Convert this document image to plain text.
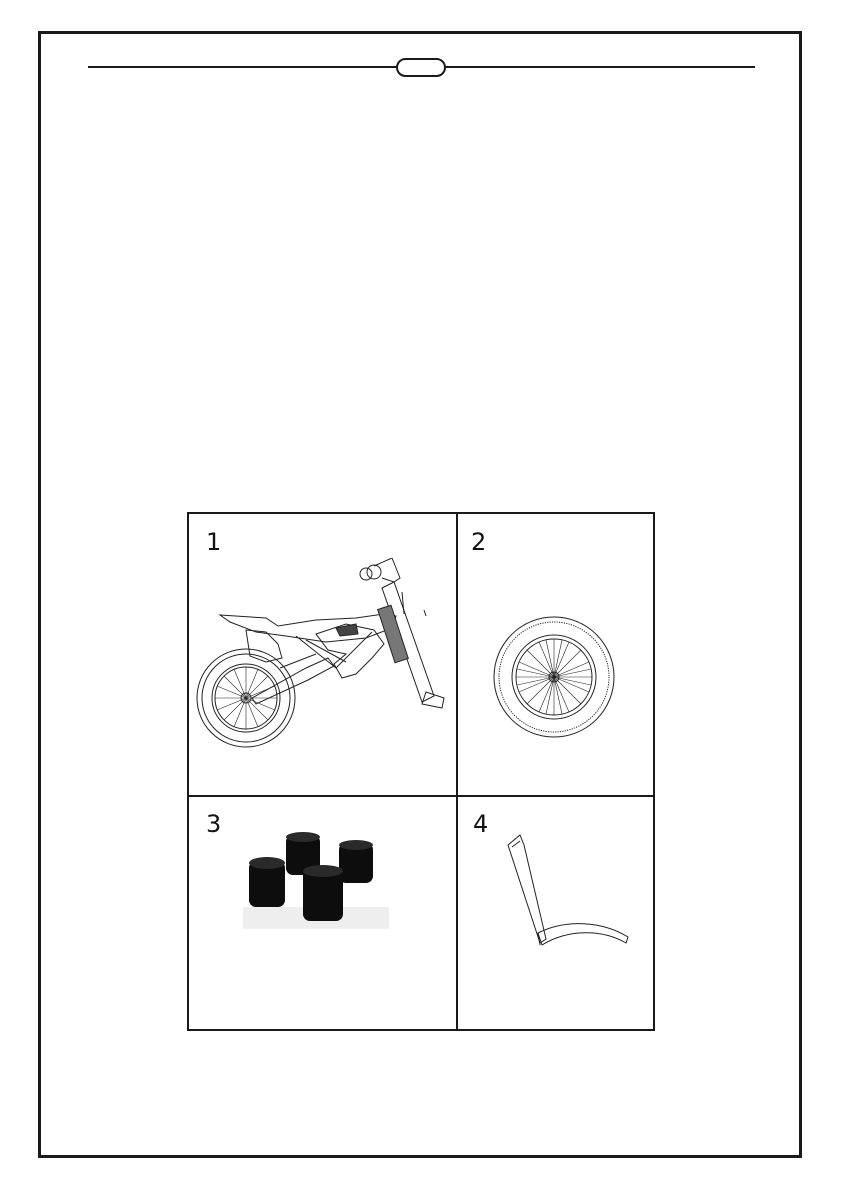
1	2
3	4
